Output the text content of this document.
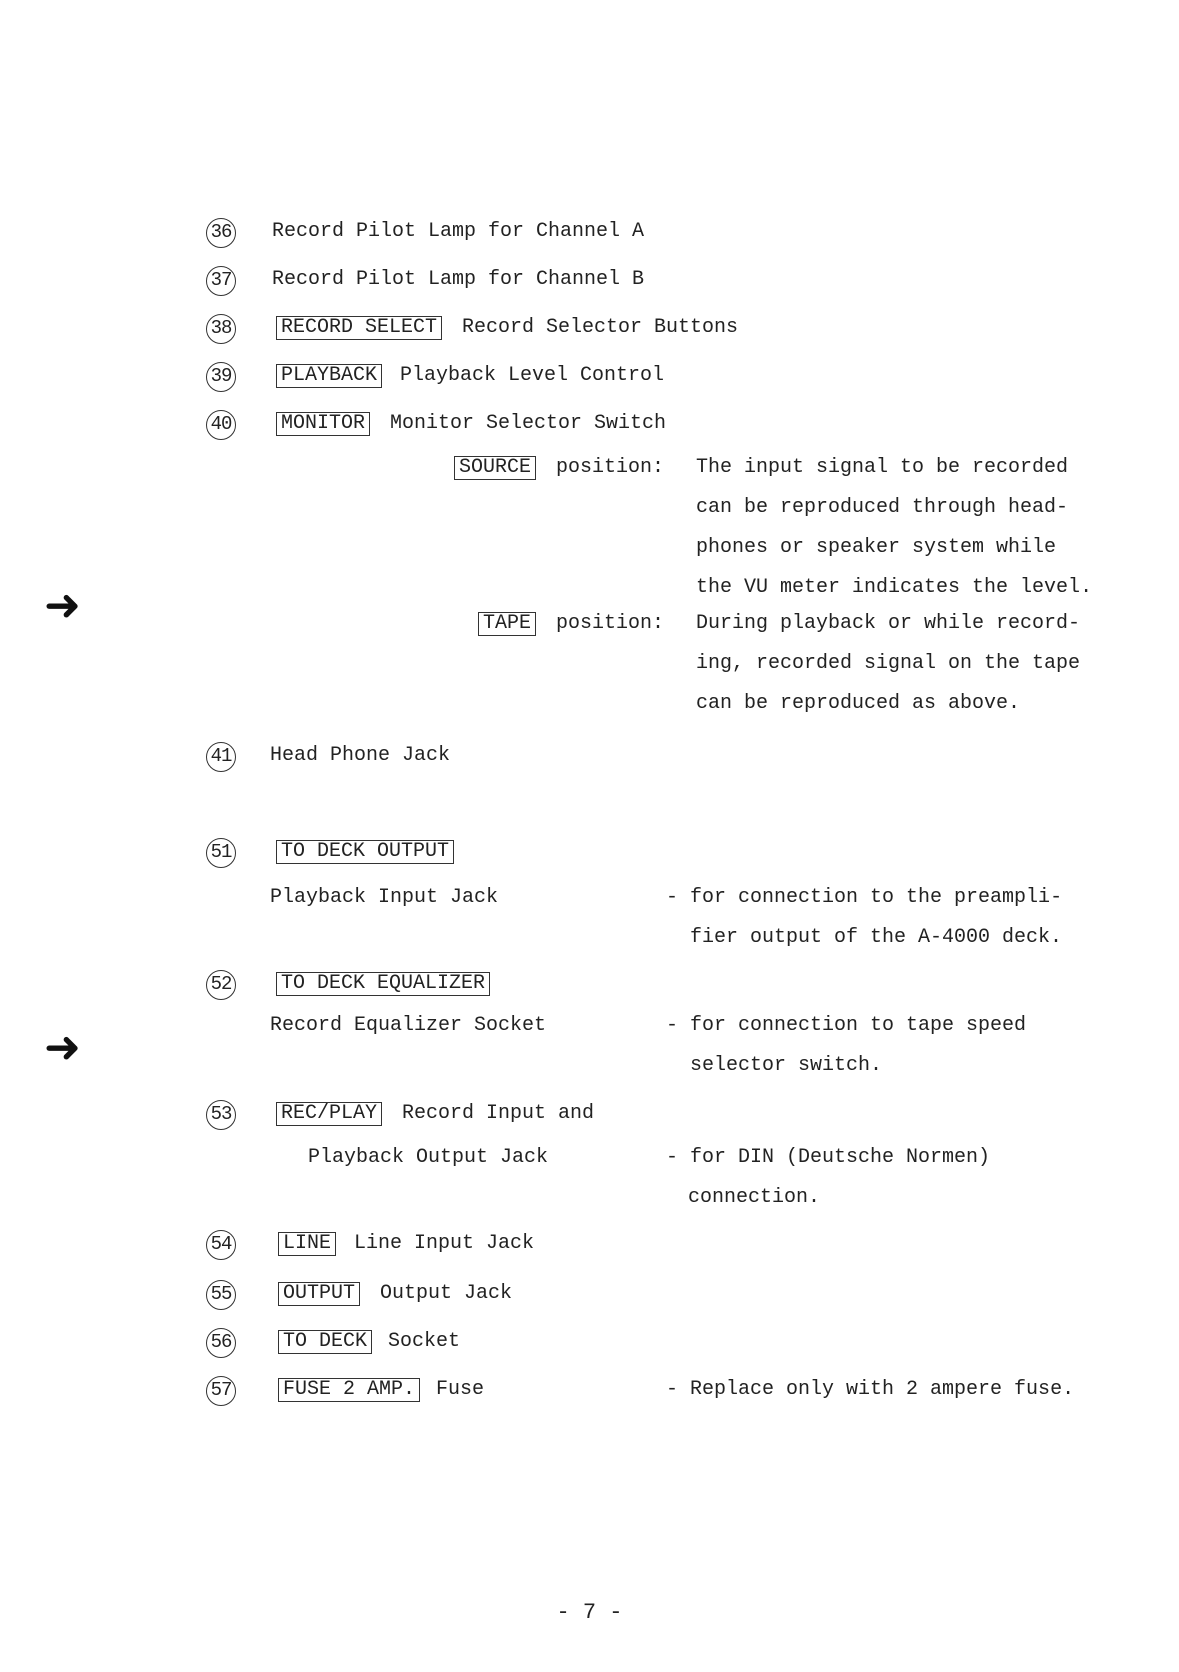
➜
➜
36 Record Pilot Lamp for Channel A
37 Record Pilot Lamp for Channel B
38 RECORD SELECT Record Selector Buttons
39 PLAYBACK Playback Level Control
40 MONITOR Monitor Selector Switch
SOURCE position: The input signal to be recorded
can be reproduced through head-
phones or speaker system while
the VU meter indicates the level.
TAPE position: During playback or while record-
ing, recorded signal on the tape
can be reproduced as above.
41 Head Phone Jack
51 TO DECK OUTPUT
Playback Input Jack	- for connection to the preampli-
fier output of the A-4000 deck.
52 TO DECK EQUALIZER
Record Equalizer Socket	- for connection to tape speed
selector switch.
53 REC/PLAY Record Input and
Playback Output Jack	- for DIN (Deutsche Normen)
connection.
54	LINE Line Input Jack
55	OUTPUT Output Jack
56	TO DECK Socket
57	FUSE 2 AMP. Fuse	- Replace only with 2 ampere fuse.
- 7 -
